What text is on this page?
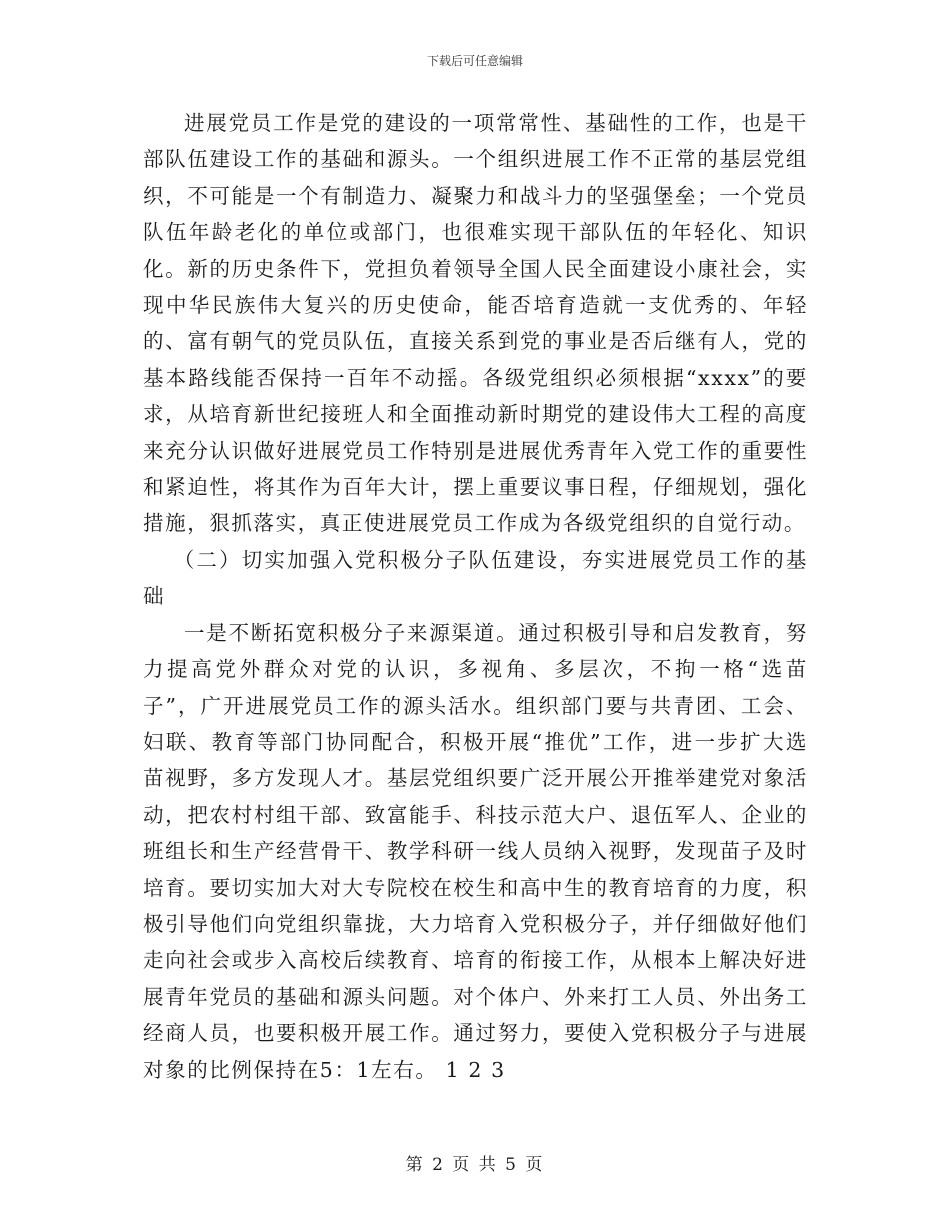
下载后可任意编辑

进展党员工作是党的建设的一项常常性、基础性的工作，也是干部队伍建设工作的基础和源头。一个组织进展工作不正常的基层党组织，不可能是一个有制造力、凝聚力和战斗力的坚强堡垒；一个党员队伍年龄老化的单位或部门，也很难实现干部队伍的年轻化、知识化。新的历史条件下，党担负着领导全国人民全面建设小康社会，实现中华民族伟大复兴的历史使命，能否培育造就一支优秀的、年轻的、富有朝气的党员队伍，直接关系到党的事业是否后继有人，党的基本路线能否保持一百年不动摇。各级党组织必须根据“xxxx”的要求，从培育新世纪接班人和全面推动新时期党的建设伟大工程的高度来充分认识做好进展党员工作特别是进展优秀青年入党工作的重要性和紧迫性，将其作为百年大计，摆上重要议事日程，仔细规划，强化措施，狠抓落实，真正使进展党员工作成为各级党组织的自觉行动。

（二）切实加强入党积极分子队伍建设，夯实进展党员工作的基础

一是不断拓宽积极分子来源渠道。通过积极引导和启发教育，努力提高党外群众对党的认识，多视角、多层次，不拘一格“选苗子”，广开进展党员工作的源头活水。组织部门要与共青团、工会、妇联、教育等部门协同配合，积极开展“推优”工作，进一步扩大选苗视野，多方发现人才。基层党组织要广泛开展公开推举建党对象活动，把农村村组干部、致富能手、科技示范大户、退伍军人、企业的班组长和生产经营骨干、教学科研一线人员纳入视野，发现苗子及时培育。要切实加大对大专院校在校生和高中生的教育培育的力度，积极引导他们向党组织靠拢，大力培育入党积极分子，并仔细做好他们走向社会或步入高校后续教育、培育的衔接工作，从根本上解决好进展青年党员的基础和源头问题。对个体户、外来打工人员、外出务工经商人员，也要积极开展工作。通过努力，要使入党积极分子与进展对象的比例保持在5：1左右。 1 2 3

第 2 页 共 5 页
